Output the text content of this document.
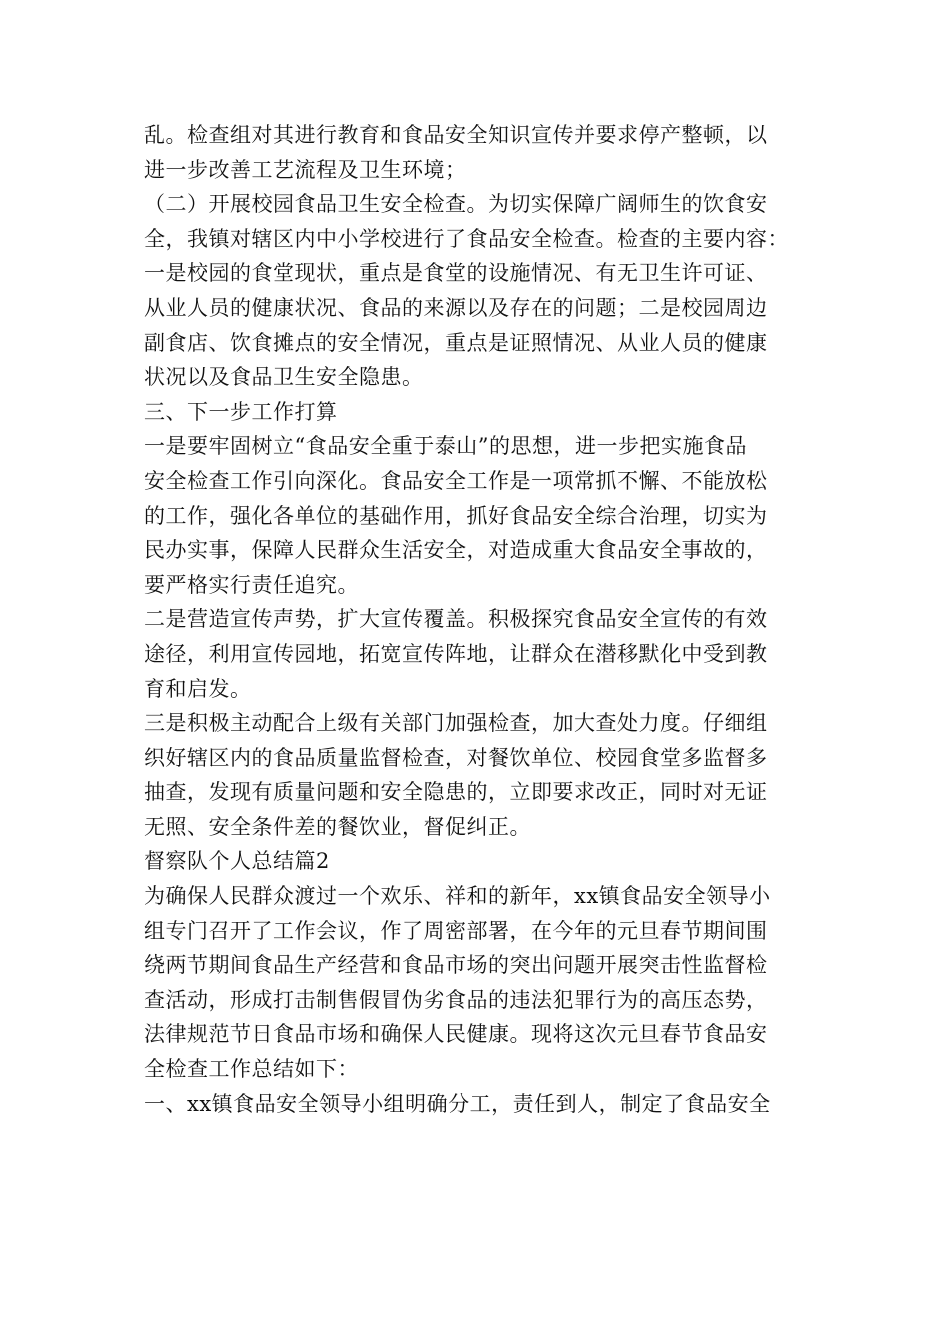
乱。检查组对其进行教育和食品安全知识宣传并要求停产整顿，以
进一步改善工艺流程及卫生环境；
（二）开展校园食品卫生安全检查。为切实保障广阔师生的饮食安
全，我镇对辖区内中小学校进行了食品安全检查。检查的主要内容：
一是校园的食堂现状，重点是食堂的设施情况、有无卫生许可证、
从业人员的健康状况、食品的来源以及存在的问题；二是校园周边
副食店、饮食摊点的安全情况，重点是证照情况、从业人员的健康
状况以及食品卫生安全隐患。
三、下一步工作打算
一是要牢固树立“食品安全重于泰山”的思想，进一步把实施食品
安全检查工作引向深化。食品安全工作是一项常抓不懈、不能放松
的工作，强化各单位的基础作用，抓好食品安全综合治理，切实为
民办实事，保障人民群众生活安全，对造成重大食品安全事故的，
要严格实行责任追究。
二是营造宣传声势，扩大宣传覆盖。积极探究食品安全宣传的有效
途径，利用宣传园地，拓宽宣传阵地，让群众在潜移默化中受到教
育和启发。
三是积极主动配合上级有关部门加强检查，加大查处力度。仔细组
织好辖区内的食品质量监督检查，对餐饮单位、校园食堂多监督多
抽查，发现有质量问题和安全隐患的，立即要求改正，同时对无证
无照、安全条件差的餐饮业，督促纠正。
督察队个人总结篇2
为确保人民群众渡过一个欢乐、祥和的新年，xx镇食品安全领导小
组专门召开了工作会议，作了周密部署，在今年的元旦春节期间围
绕两节期间食品生产经营和食品市场的突出问题开展突击性监督检
查活动，形成打击制售假冒伪劣食品的违法犯罪行为的高压态势，
法律规范节日食品市场和确保人民健康。现将这次元旦春节食品安
全检查工作总结如下：
一、xx镇食品安全领导小组明确分工，责任到人，制定了食品安全
